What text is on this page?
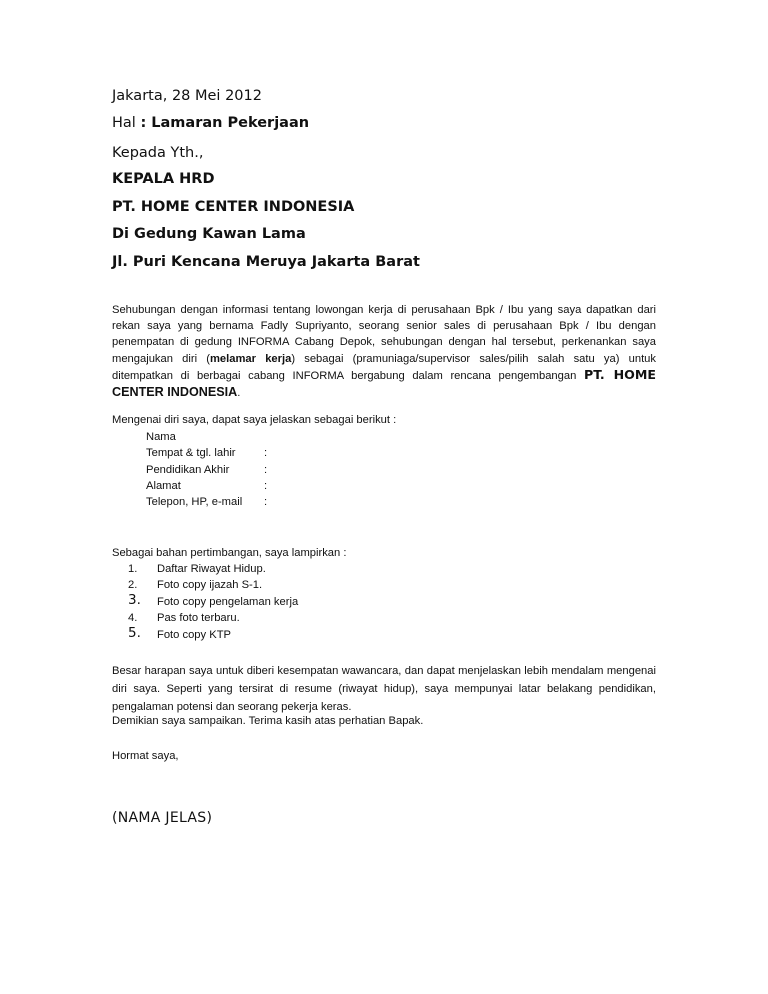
Jakarta, 28 Mei 2012
Hal : Lamaran Pekerjaan
Kepada Yth.,
KEPALA HRD
PT. HOME CENTER INDONESIA
Di Gedung Kawan Lama
Jl. Puri Kencana Meruya Jakarta Barat
Sehubungan dengan informasi tentang lowongan kerja di perusahaan Bpk / Ibu yang saya dapatkan dari rekan saya yang bernama Fadly Supriyanto, seorang senior sales di perusahaan Bpk / Ibu dengan penempatan di gedung INFORMA Cabang Depok, sehubungan dengan hal tersebut, perkenankan saya mengajukan diri (melamar kerja) sebagai (pramuniaga/supervisor sales/pilih salah satu ya) untuk ditempatkan di berbagai cabang INFORMA bergabung dalam rencana pengembangan PT. HOME CENTER INDONESIA.
Mengenai diri saya, dapat saya jelaskan sebagai berikut :
Nama
Tempat & tgl. lahir	:
Pendidikan Akhir	:
Alamat	:
Telepon, HP, e-mail :
Sebagai bahan pertimbangan, saya lampirkan :
1. Daftar Riwayat Hidup.
2. Foto copy ijazah S-1.
3. Foto copy pengelaman kerja
4. Pas foto terbaru.
5. Foto copy KTP
Besar harapan saya untuk diberi kesempatan wawancara, dan dapat menjelaskan lebih mendalam mengenai diri saya. Seperti yang tersirat di resume (riwayat hidup), saya mempunyai latar belakang pendidikan, pengalaman potensi dan seorang pekerja keras.
Demikian saya sampaikan. Terima kasih atas perhatian Bapak.
Hormat saya,
(NAMA JELAS)
